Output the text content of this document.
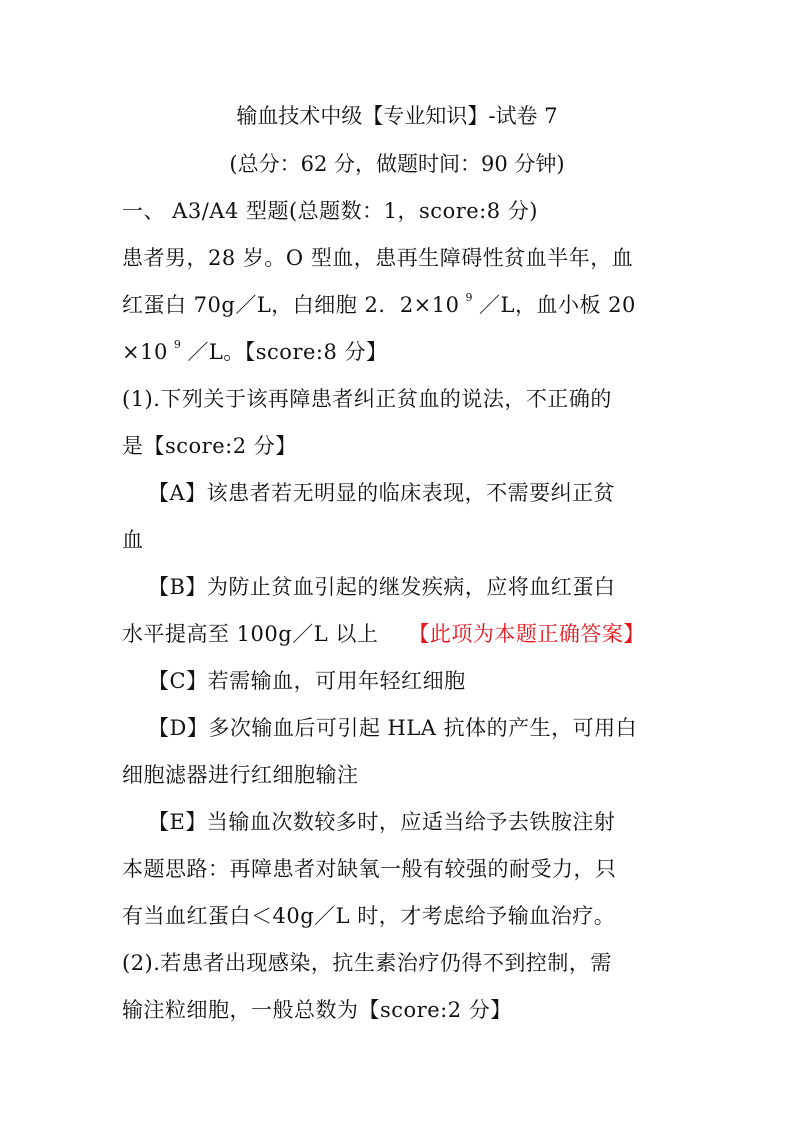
输血技术中级【专业知识】-试卷 7
(总分：62 分，做题时间：90 分钟)
一、 A3/A4 型题(总题数：1，score:8 分)
患者男，28 岁。O 型血，患再生障碍性贫血半年，血
红蛋白 70g／L，白细胞 2．2×10 $^9$ ／L，血小板 20
×10 $^9$ ／L。【score:8 分】
(1).下列关于该再障患者纠正贫血的说法，不正确的
是【score:2 分】
【A】该患者若无明显的临床表现，不需要纠正贫
血
【B】为防止贫血引起的继发疾病，应将血红蛋白
水平提高至 100g／L 以上 【此项为本题正确答案】
【C】若需输血，可用年轻红细胞
【D】多次输血后可引起 HLA 抗体的产生，可用白
细胞滤器进行红细胞输注
【E】当输血次数较多时，应适当给予去铁胺注射
本题思路：再障患者对缺氧一般有较强的耐受力，只
有当血红蛋白＜40g／L 时，才考虑给予输血治疗。
(2).若患者出现感染，抗生素治疗仍得不到控制，需
输注粒细胞，一般总数为【score:2 分】
